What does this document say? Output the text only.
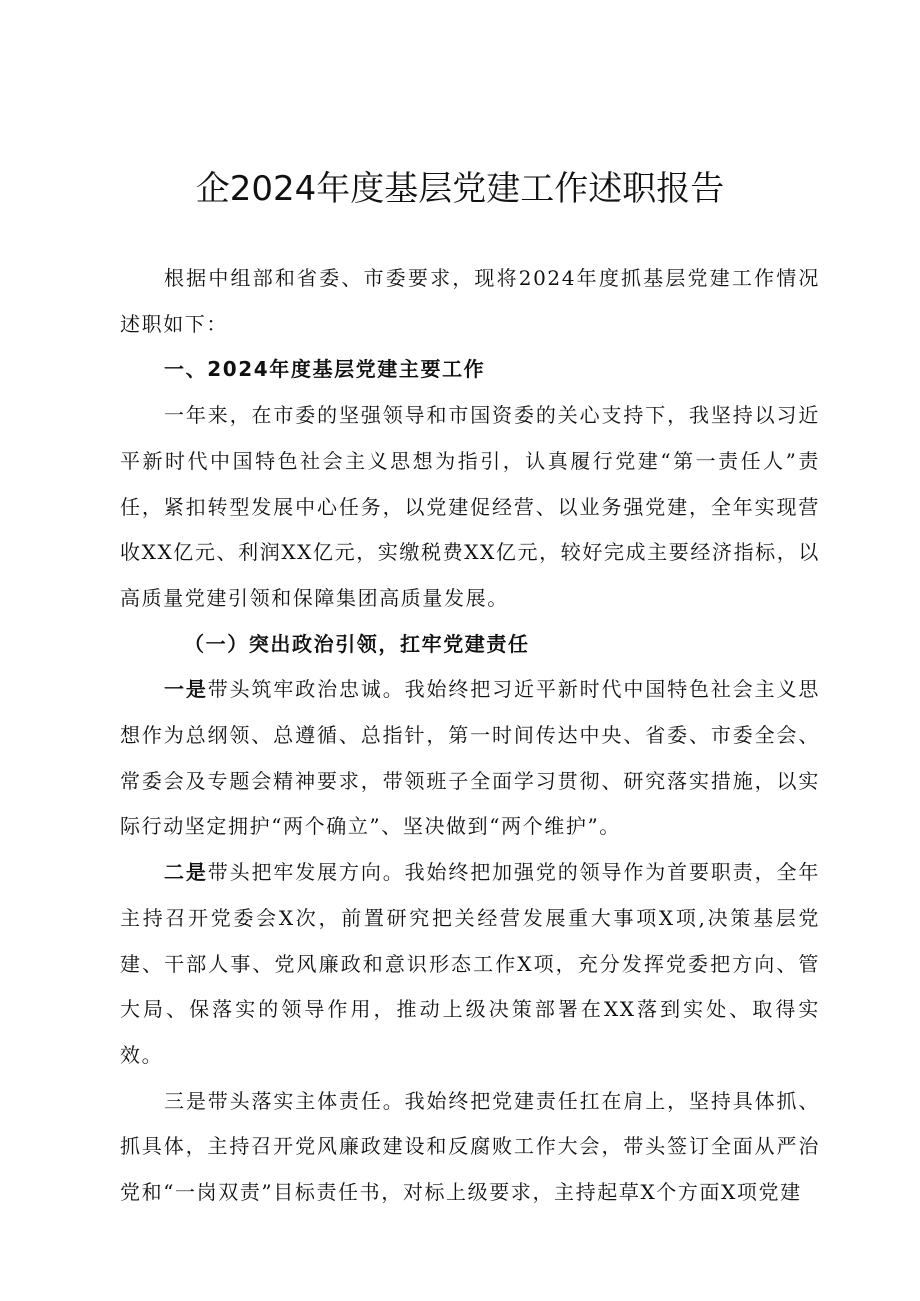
企2024年度基层党建工作述职报告

根据中组部和省委、市委要求，现将2024年度抓基层党建工作情况述职如下：

一、2024年度基层党建主要工作

一年来，在市委的坚强领导和市国资委的关心支持下，我坚持以习近平新时代中国特色社会主义思想为指引，认真履行党建“第一责任人”责任，紧扣转型发展中心任务，以党建促经营、以业务强党建，全年实现营收XX亿元、利润XX亿元，实缴税费XX亿元，较好完成主要经济指标，以高质量党建引领和保障集团高质量发展。

（一）突出政治引领，扛牢党建责任

一是带头筑牢政治忠诚。我始终把习近平新时代中国特色社会主义思想作为总纲领、总遵循、总指针，第一时间传达中央、省委、市委全会、常委会及专题会精神要求，带领班子全面学习贯彻、研究落实措施，以实际行动坚定拥护“两个确立”、坚决做到“两个维护”。

二是带头把牢发展方向。我始终把加强党的领导作为首要职责，全年主持召开党委会X次，前置研究把关经营发展重大事项X项,决策基层党建、干部人事、党风廉政和意识形态工作X项，充分发挥党委把方向、管大局、保落实的领导作用，推动上级决策部署在XX落到实处、取得实效。

三是带头落实主体责任。我始终把党建责任扛在肩上，坚持具体抓、抓具体，主持召开党风廉政建设和反腐败工作大会，带头签订全面从严治党和“一岗双责”目标责任书，对标上级要求，主持起草X个方面X项党建
